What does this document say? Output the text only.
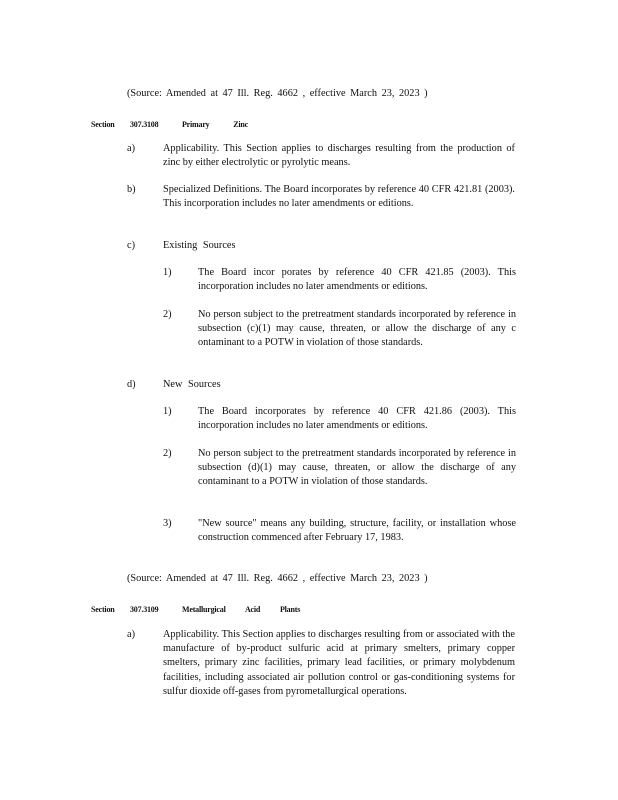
(Source: Amended at 47 Ill. Reg. 4662 , effective March 23, 2023 )
Section 307.3108	Primary Zinc
a)	Applicability. This Section applies to discharges resulting from the production of zinc by either electrolytic or pyrolytic means.
b)	Specialized Definitions. The Board incorporates by reference 40 CFR 421.81 (2003). This incorporation includes no later amendments or editions.
c)	Existing Sources
1)	The Board incor porates by reference 40 CFR 421.85 (2003). This incorporation includes no later amendments or editions.
2)	No person subject to the pretreatment standards incorporated by reference in subsection (c)(1) may cause, threaten, or allow the discharge of any c ontaminant to a POTW in violation of those standards.
d)	New Sources
1)	The Board incorporates by reference 40 CFR 421.86 (2003). This incorporation includes no later amendments or editions.
2)	No person subject to the pretreatment standards incorporated by reference in subsection (d)(1) may cause, threaten, or allow the discharge of any contaminant to a POTW in violation of those standards.
3)	"New source" means any building, structure, facility, or installation whose construction commenced after February 17, 1983.
(Source: Amended at 47 Ill. Reg. 4662 , effective March 23, 2023 )
Section 307.3109	Metallurgical Acid Plants
a)	Applicability. This Section applies to discharges resulting from or associated with the manufacture of by-product sulfuric acid at primary smelters, primary copper smelters, primary zinc facilities, primary lead facilities, or primary molybdenum facilities, including associated air pollution control or gas-conditioning systems for sulfur dioxide off-gases from pyrometallurgical operations.
